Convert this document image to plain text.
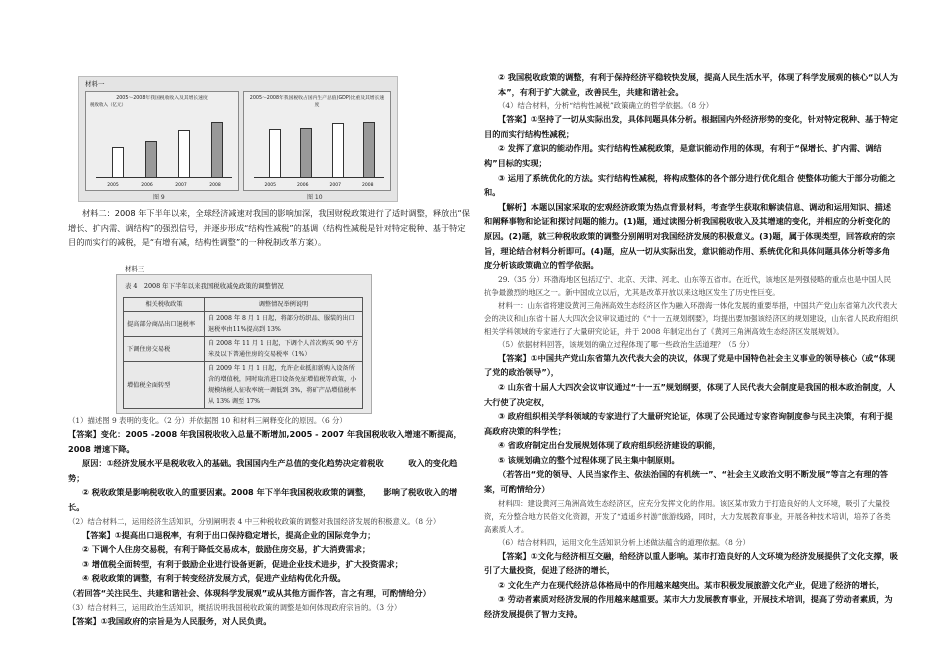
材料一
2005～2008年我国税收收入及其增长速度
税收收入（亿元）
2005	2006	2007	2008
2005～2008年我国税收占国内生产总值(GDP)比重及其增长速度
2005	2006	2007	2008
图 9	图 10

材料二：2008 年下半年以来，全球经济减速对我国的影响加深，我国财税政策进行了适时调整，释放出“保增长、扩内需、调结构”的强烈信号，并逐步形成“结构性减税”的基调（结构性减税是针对特定税种、基于特定目的而实行的减税，是“有增有减，结构性调整”的一种税制改革方案）。

材料三
表 4　2008 年下半年以来我国税收减免政策的调整情况
相关税收政策	调整情况举例说明
提高部分商品出口退税率	自 2008 年 8 月 1 日起，将部分纺织品、服装的出口退税率由11%提高到 13%
下调住房交易税	自 2008 年 11 月 1 日起，下调个人首次购买 90 平方米及以下普通住房的交易税率（1%）
增值税全面转型	自 2009 年 1 月 1 日起，允许企业抵扣新购入设备所含的增值税，同时取消进口设备免征增值税等政策，小规模纳税人征收率统一调低到 3%，将矿产品增值税率从 13% 调至 17%

（1）描述图 9 表明的变化。（2 分）并依据图 10 和材料三阐释变化的原因。（6 分）

【答案】变化：2005 -2008 年我国税收收入总量不断增加,2005 - 2007 年我国税收收入增速不断提高，2008 增速下降。

原因：①经济发展水平是税收收入的基础。我国国内生产总值的变化趋势决定着税收　　　收入的变化趋势；

② 税收政策是影响税收收入的重要因素。2008 年下半年我国税收政策的调整，　　影响了税收收入的增长。

（2）结合材料二，运用经济生活知识，分别阐明表 4 中三种税收政策的调整对我国经济发展的积极意义。（8 分）

【答案】①提高出口退税率，有利于出口保持稳定增长，提高企业的国际竞争力；

② 下调个人住房交易税，有利于降低交易成本，鼓励住房交易，扩大消费需求；

③ 增值税全面转型，有利于鼓励企业进行设备更新，促进企业技术进步，扩大投资需求；

④ 税收政策的调整，有利于转变经济发展方式，促进产业结构优化升级。

（若回答“关注民生、共建和谐社会、体现科学发展观”或从其他方面作答，言之有理，可酌情给分）

（3）结合材料三，运用政治生活知识，概括说明我国税收政策的调整是如何体现政府宗旨的。（3 分）

【答案】①我国政府的宗旨是为人民服务，对人民负责。

② 我国税收政策的调整，有利于保持经济平稳较快发展，提高人民生活水平，体现了科学发展观的核心“以人为本”，有利于扩大就业，改善民生，共建和谐社会。

（4）结合材料，分析“结构性减税”政策确立的哲学依据。（8 分）

【答案】①坚持了一切从实际出发，具体问题具体分析。根据国内外经济形势的变化，针对特定税种、基于特定目的而实行结构性减税；

② 发挥了意识的能动作用。实行结构性减税政策，是意识能动作用的体现，有利于“保增长、扩内需、调结构”目标的实现；

③ 运用了系统优化的方法。实行结构性减税，将构成整体的各个部分进行优化组合 使整体功能大于部分功能之和。

【解析】本题以国家采取的宏观经济政策为热点背景材料，考查学生获取和解读信息、调动和运用知识、描述和阐释事物和论证和探讨问题的能力。(1)题，通过读图分析我国税收收入及其增速的变化，并相应的分析变化的原因。(2)题，就三种税收政策的调整分别阐明对我国经济发展的积极意义。(3)题，属于体现类型，回答政府的宗旨，理论结合材料分析即可。(4)题，应从一切从实际出发，意识能动作用、系统优化和具体问题具体分析等多角度分析该政策确立的哲学依据。

29.（35 分）环渤海地区包括辽宁、北京、天津、河北、山东等五省市。在近代，该地区是列强侵略的重点也是中国人民抗争最激烈的地区之一。新中国成立以后，尤其是改革开放以来这地区发生了历史性巨变。

材料一：山东省将建设黄河三角洲高效生态经济区作为融入环渤海一体化发展的重要举措，中国共产党山东省第九次代表大会的决议和山东省十届人大四次会议审议通过的《“十一五规划纲要》，均提出要加强该经济区的规划建设，山东省人民政府组织相关学科领域的专家进行了大量研究论证，并于 2008 年制定出台了《黄河三角洲高效生态经济区发展规划》。

（5）依据材料回答，该规划的确立过程体现了哪一些政治生活道理？（5 分）

【答案】①中国共产党山东省第九次代表大会的决议，体现了党是中国特色社会主义事业的领导核心（或“体现了党的政治领导”），

② 山东省十届人大四次会议审议通过“十一五”规划纲要，体现了人民代表大会制度是我国的根本政治制度，人大行使了决定权，

③ 政府组织相关学科领域的专家进行了大量研究论证，体现了公民通过专家咨询制度参与民主决策，有利于提高政府决策的科学性；

④ 省政府制定出台发展规划体现了政府组织经济建设的职能，

⑤ 该规划确立的整个过程体现了民主集中制原则。

（若答出“党的领导、人民当家作主、依法治国的有机统一”、“社会主义政治文明不断发展”等言之有理的答案，可酌情给分）

材料四：建设黄河三角洲高效生态经济区，应充分发挥文化的作用。该区某市致力于打造良好的人文环境，吸引了大量投资，充分整合地方民俗文化资源，开发了“逍遥乡村游”旅游线路，同时，大力发展教育事业，开展各种技术培训，培养了各类高素质人才。

（6）结合材料四，运用文化生活知识分析上述做法蕴含的道理依据。（8 分）

【答案】①文化与经济相互交融，给经济以重人影响。某市打造良好的人文环境为经济发展提供了文化支撑，吸引了大量投资，促进了经济的增长，

② 文化生产力在现代经济总体格局中的作用越来越突出。某市积极发展旅游文化产业，促进了经济的增长，

③ 劳动者素质对经济发展的作用越来越重要。某市大力发展教育事业，开展技术培训，提高了劳动者素质，为经济发展提供了智力支持。
